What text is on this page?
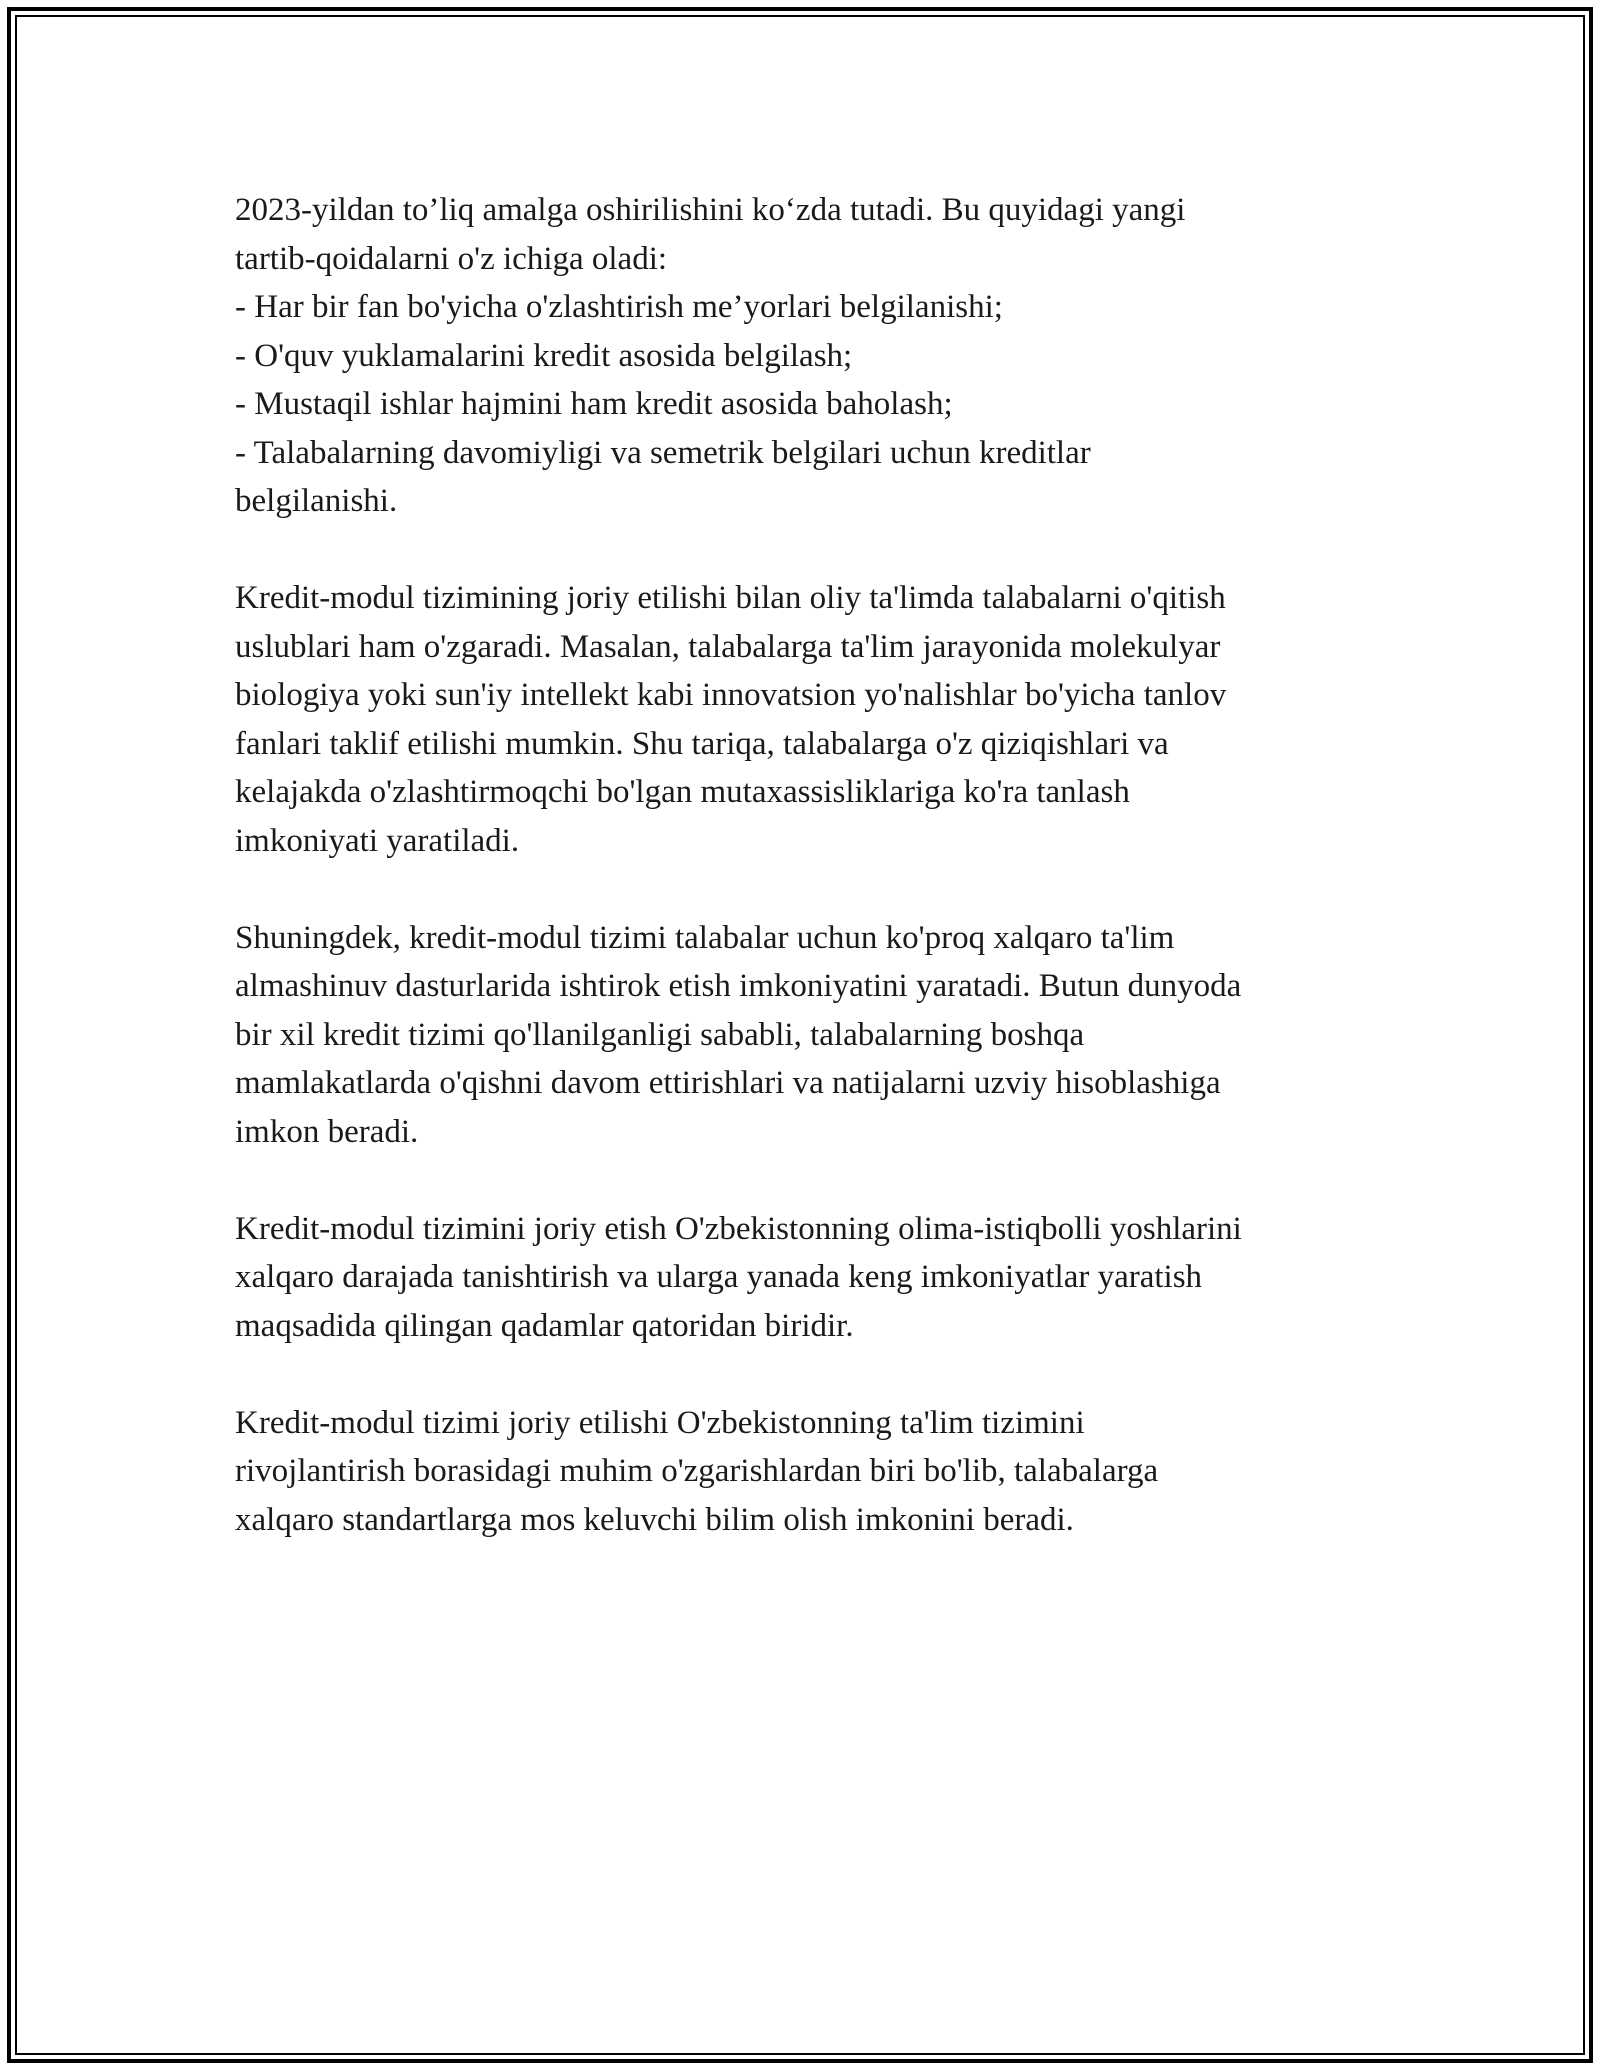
2023-yildan to’liq amalga oshirilishini ko‘zda tutadi. Bu quyidagi yangi
tartib-qoidalarni o'z ichiga oladi:
- Har bir fan bo'yicha o'zlashtirish me’yorlari belgilanishi;
- O'quv yuklamalarini kredit asosida belgilash;
- Mustaqil ishlar hajmini ham kredit asosida baholash;
- Talabalarning davomiyligi va semetrik belgilari uchun kreditlar
belgilanishi.
Kredit-modul tizimining joriy etilishi bilan oliy ta'limda talabalarni o'qitish
uslublari ham o'zgaradi. Masalan, talabalarga ta'lim jarayonida molekulyar
biologiya yoki sun'iy intellekt kabi innovatsion yo'nalishlar bo'yicha tanlov
fanlari taklif etilishi mumkin. Shu tariqa, talabalarga o'z qiziqishlari va
kelajakda o'zlashtirmoqchi bo'lgan mutaxassisliklariga ko'ra tanlash
imkoniyati yaratiladi.
Shuningdek, kredit-modul tizimi talabalar uchun ko'proq xalqaro ta'lim
almashinuv dasturlarida ishtirok etish imkoniyatini yaratadi. Butun dunyoda
bir xil kredit tizimi qo'llanilganligi sababli, talabalarning boshqa
mamlakatlarda o'qishni davom ettirishlari va natijalarni uzviy hisoblashiga
imkon beradi.
Kredit-modul tizimini joriy etish O'zbekistonning olima-istiqbolli yoshlarini
xalqaro darajada tanishtirish va ularga yanada keng imkoniyatlar yaratish
maqsadida qilingan qadamlar qatoridan biridir.
Kredit-modul tizimi joriy etilishi O'zbekistonning ta'lim tizimini
rivojlantirish borasidagi muhim o'zgarishlardan biri bo'lib, talabalarga
xalqaro standartlarga mos keluvchi bilim olish imkonini beradi.
